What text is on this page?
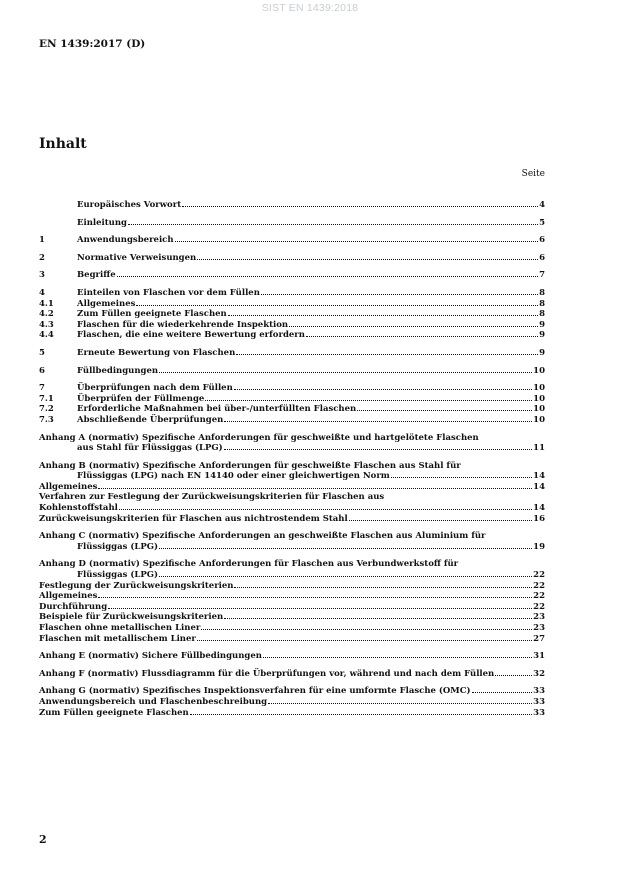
SIST EN 1439:2018
EN 1439:2017 (D)
Inhalt
Seite
Europäisches Vorwort	4
Einleitung	5
1	Anwendungsbereich	6
2	Normative Verweisungen	6
3	Begriffe	7
4	Einteilen von Flaschen vor dem Füllen	8
4.1	Allgemeines	8
4.2	Zum Füllen geeignete Flaschen	8
4.3	Flaschen für die wiederkehrende Inspektion	9
4.4	Flaschen, die eine weitere Bewertung erfordern	9
5	Erneute Bewertung von Flaschen	9
6	Füllbedingungen	10
7	Überprüfungen nach dem Füllen	10
7.1	Überprüfen der Füllmenge	10
7.2	Erforderliche Maßnahmen bei über-/unterfüllten Flaschen	10
7.3	Abschließende Überprüfungen	10
Anhang A (normativ) Spezifische Anforderungen für geschweißte und hartgelötete Flaschen
aus Stahl für Flüssiggas (LPG)	11
Anhang B (normativ) Spezifische Anforderungen für geschweißte Flaschen aus Stahl für
Flüssiggas (LPG) nach EN 14140 oder einer gleichwertigen Norm	14
Allgemeines	14
Verfahren zur Festlegung der Zurückweisungskriterien für Flaschen aus
Kohlenstoffstahl	14
Zurückweisungskriterien für Flaschen aus nichtrostendem Stahl	16
Anhang C (normativ) Spezifische Anforderungen an geschweißte Flaschen aus Aluminium für
Flüssiggas (LPG)	19
Anhang D (normativ) Spezifische Anforderungen für Flaschen aus Verbundwerkstoff für
Flüssiggas (LPG)	22
Festlegung der Zurückweisungskriterien	22
Allgemeines	22
Durchführung	22
Beispiele für Zurückweisungskriterien	23
Flaschen ohne metallischen Liner	23
Flaschen mit metallischem Liner	27
Anhang E (normativ) Sichere Füllbedingungen	31
Anhang F (normativ) Flussdiagramm für die Überprüfungen vor, während und nach dem Füllen	32
Anhang G (normativ) Spezifisches Inspektionsverfahren für eine umformte Flasche (OMC)	33
Anwendungsbereich und Flaschenbeschreibung	33
Zum Füllen geeignete Flaschen	33
2
